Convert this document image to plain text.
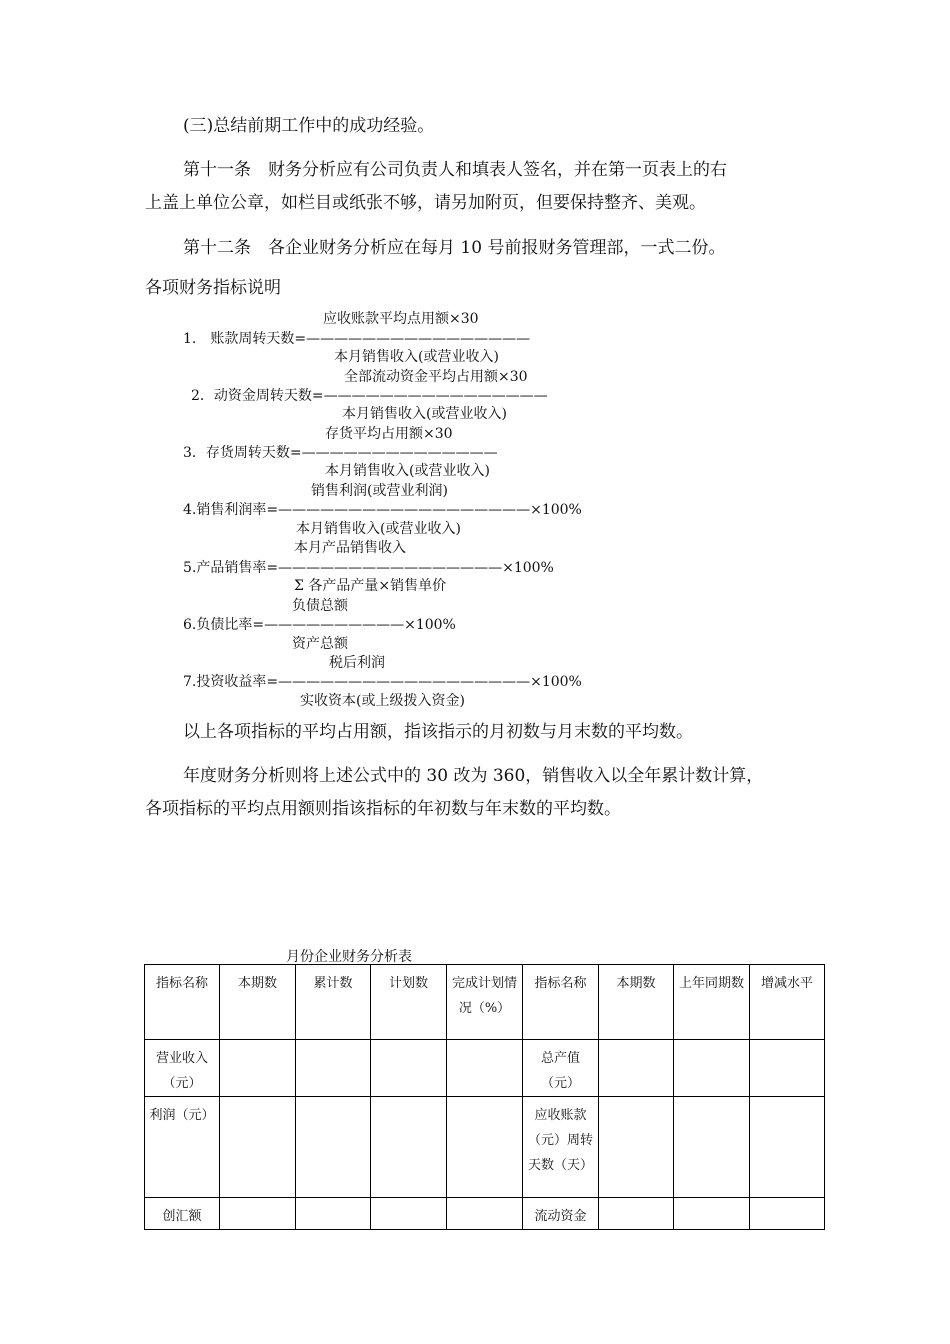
(三)总结前期工作中的成功经验。
第十一条　财务分析应有公司负责人和填表人签名，并在第一页表上的右
上盖上单位公章，如栏目或纸张不够，请另加附页，但要保持整齐、美观。
第十二条　各企业财务分析应在每月 10 号前报财务管理部，一式二份。
各项财务指标说明
应收账款平均点用额×30
1.　账款周转天数=————————————————
本月销售收入(或营业收入)
全部流动资金平均占用额×30
2．动资金周转天数=————————————————
本月销售收入(或营业收入)
存货平均占用额×30
3．存货周转天数=——————————————
本月销售收入(或营业收入)
销售利润(或营业利润)
4.销售利润率=——————————————————×100%
本月销售收入(或营业收入)
本月产品销售收入
5.产品销售率=————————————————×100%
Σ 各产品产量×销售单价
负债总额
6.负债比率=——————————×100%
资产总额
税后利润
7.投资收益率=——————————————————×100%
实收资本(或上级拨入资金)
以上各项指标的平均占用额，指该指示的月初数与月末数的平均数。
年度财务分析则将上述公式中的 30 改为 360，销售收入以全年累计数计算，
各项指标的平均点用额则指该指标的年初数与年末数的平均数。
月份企业财务分析表
指标名称	本期数	累计数	计划数	完成计划情况（%）	指标名称	本期数	上年同期数	增减水平
营业收入（元）					总产值（元）			
利润（元）					应收账款（元）周转天数（天）			
创汇额					流动资金			
